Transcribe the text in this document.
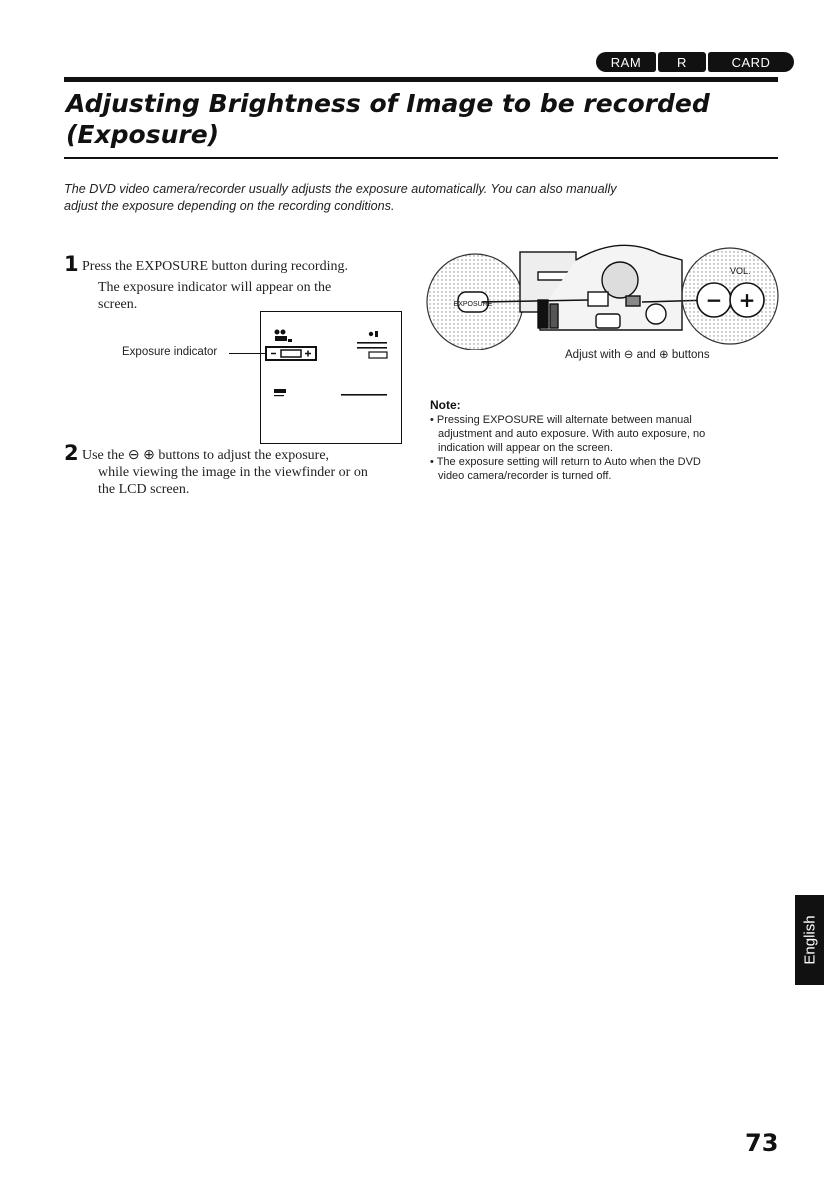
RAM	R	CARD
Adjusting Brightness of Image to be recorded
(Exposure)
The DVD video camera/recorder usually adjusts the exposure automatically. You can also manually
adjust the exposure depending on the recording conditions.
1 Press the EXPOSURE button during recording.
The exposure indicator will appear on the
screen.
Exposure indicator
2 Use the ⊖ ⊕ buttons to adjust the exposure,
while viewing the image in the viewfinder or on
the LCD screen.
EXPOSURE
VOL.
− +
Adjust with ⊖ and ⊕ buttons
Note:
• Pressing EXPOSURE will alternate between manual
adjustment and auto exposure. With auto exposure, no
indication will appear on the screen.
• The exposure setting will return to Auto when the DVD
video camera/recorder is turned off.
English
73
